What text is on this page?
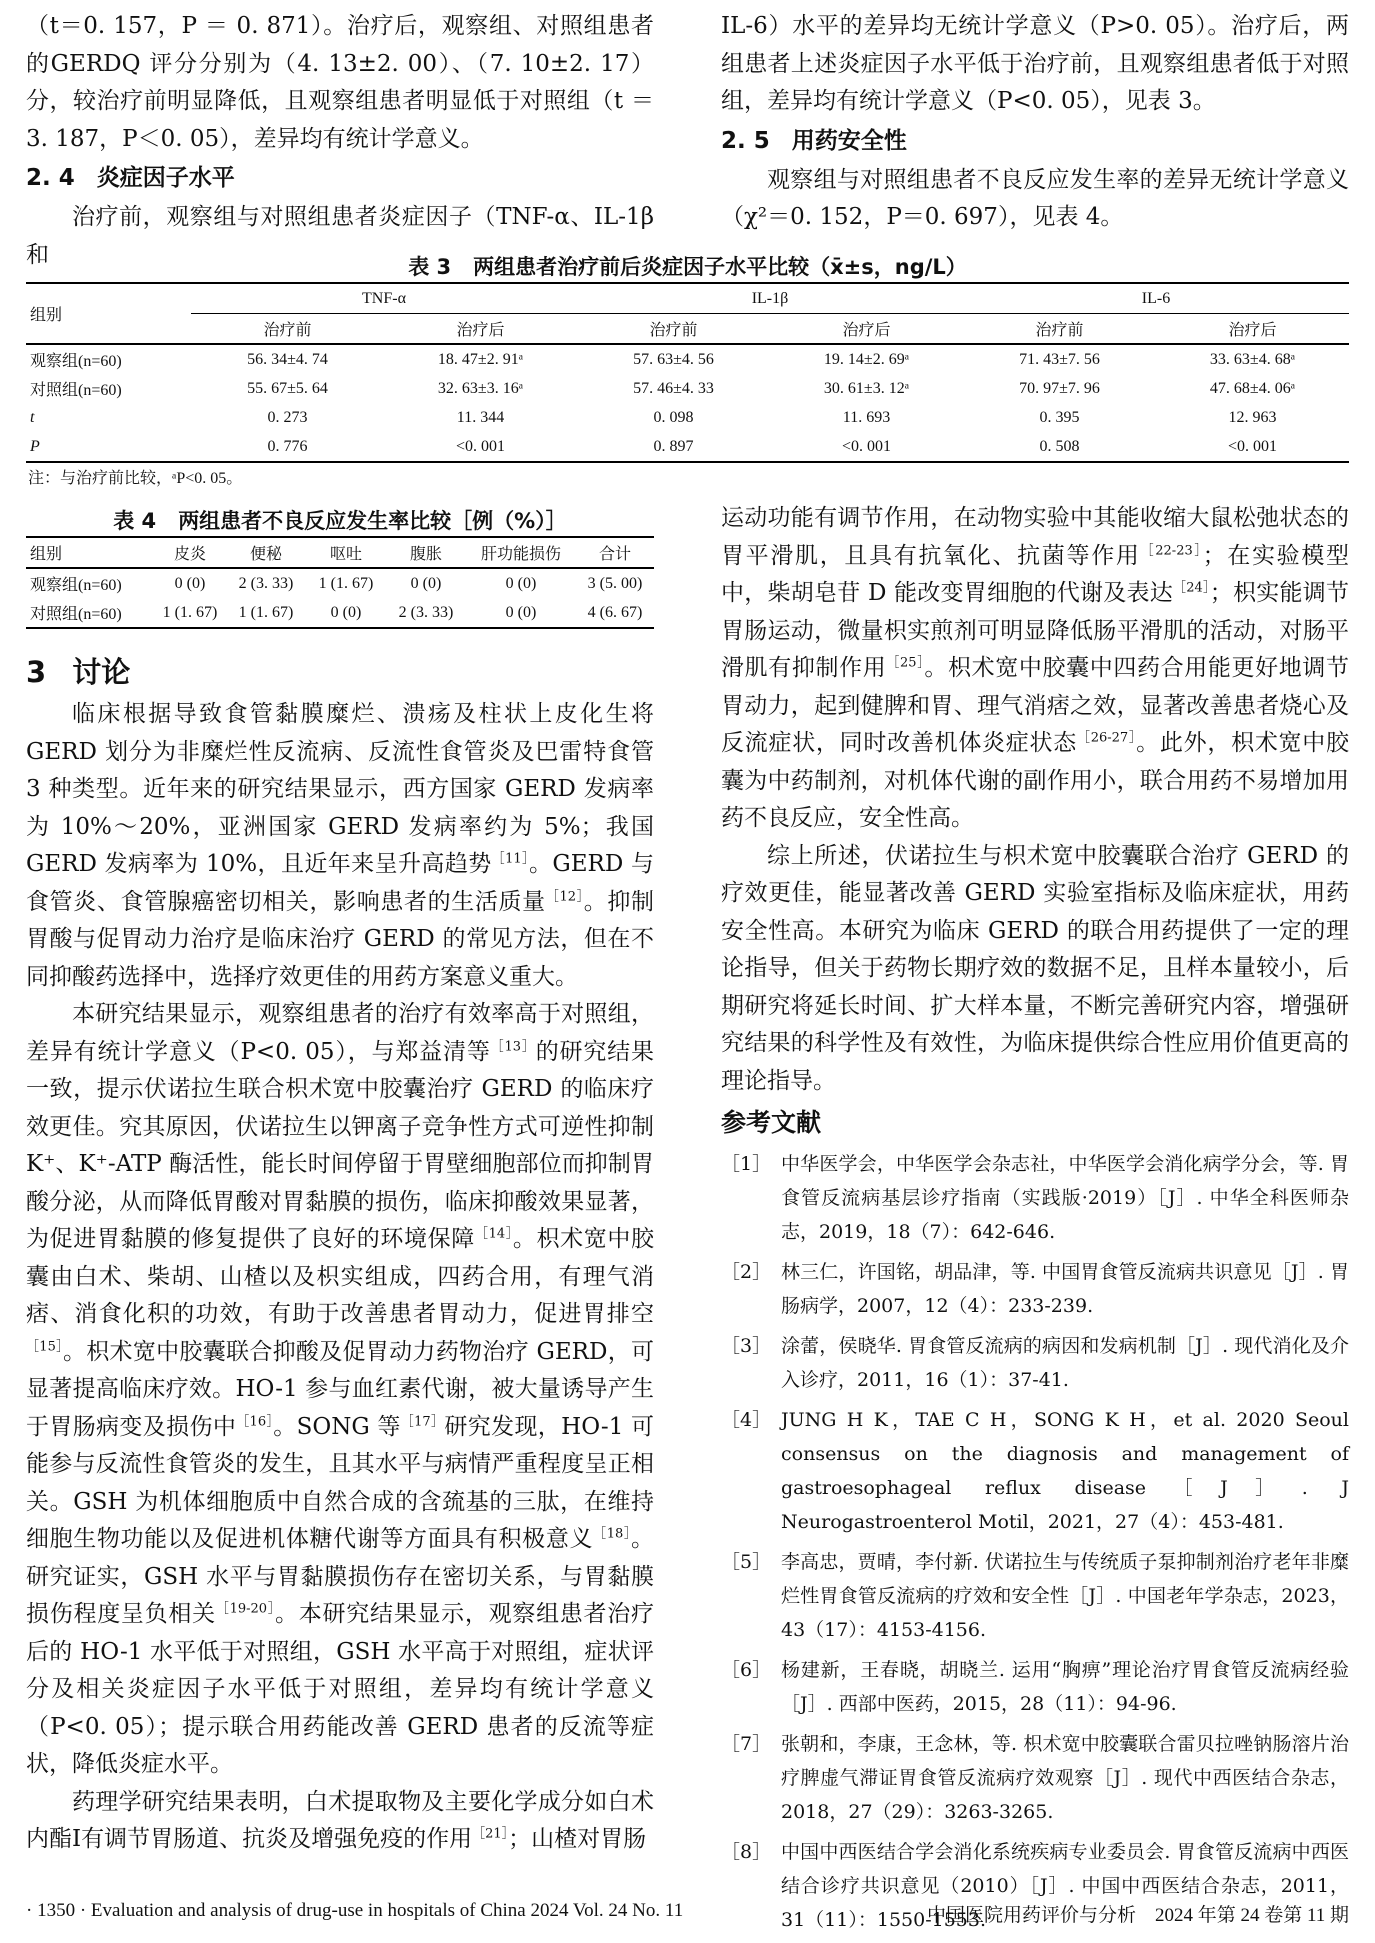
（t＝0. 157，P ＝ 0. 871）。治疗后，观察组、对照组患者的GERDQ 评分分别为（4. 13±2. 00）、（7. 10±2. 17）分，较治疗前明显降低，且观察组患者明显低于对照组（t ＝ 3. 187，P＜0. 05），差异均有统计学意义。

2. 4 炎症因子水平

治疗前，观察组与对照组患者炎症因子（TNF-α、IL-1β 和

IL-6）水平的差异均无统计学意义（P>0. 05）。治疗后，两组患者上述炎症因子水平低于治疗前，且观察组患者低于对照组，差异均有统计学意义（P<0. 05），见表 3。

2. 5 用药安全性

观察组与对照组患者不良反应发生率的差异无统计学意义（χ²＝0. 152，P＝0. 697），见表 4。

表 3 两组患者治疗前后炎症因子水平比较（x̄±s，ng/L）
组别	TNF-α		IL-1β		IL-6	
	治疗前	治疗后	治疗前	治疗后	治疗前	治疗后
观察组(n=60)	56. 34±4. 74	18. 47±2. 91ᵃ	57. 63±4. 56	19. 14±2. 69ᵃ	71. 43±7. 56	33. 63±4. 68ᵃ
对照组(n=60)	55. 67±5. 64	32. 63±3. 16ᵃ	57. 46±4. 33	30. 61±3. 12ᵃ	70. 97±7. 96	47. 68±4. 06ᵃ
t	0. 273	11. 344	0. 098	11. 693	0. 395	12. 963
P	0. 776	<0. 001	0. 897	<0. 001	0. 508	<0. 001
注：与治疗前比较，ᵃP<0. 05。
表 4 两组患者不良反应发生率比较［例（%）］
组别	皮炎	便秘	呕吐	腹胀	肝功能损伤	合计
观察组(n=60)	0 (0)	2 (3. 33)	1 (1. 67)	0 (0)	0 (0)	3 (5. 00)
对照组(n=60)	1 (1. 67)	1 (1. 67)	0 (0)	2 (3. 33)	0 (0)	4 (6. 67)
3 讨论

临床根据导致食管黏膜糜烂、溃疡及柱状上皮化生将 GERD 划分为非糜烂性反流病、反流性食管炎及巴雷特食管 3 种类型。近年来的研究结果显示，西方国家 GERD 发病率为 10%～20%，亚洲国家 GERD 发病率约为 5%；我国 GERD 发病率为 10%，且近年来呈升高趋势$^{[11]}$。GERD 与食管炎、食管腺癌密切相关，影响患者的生活质量$^{[12]}$。抑制胃酸与促胃动力治疗是临床治疗 GERD 的常见方法，但在不同抑酸药选择中，选择疗效更佳的用药方案意义重大。

本研究结果显示，观察组患者的治疗有效率高于对照组，差异有统计学意义（P<0. 05），与郑益清等$^{[13]}$的研究结果一致，提示伏诺拉生联合枳术宽中胶囊治疗 GERD 的临床疗效更佳。究其原因，伏诺拉生以钾离子竞争性方式可逆性抑制 K⁺、K⁺-ATP 酶活性，能长时间停留于胃壁细胞部位而抑制胃酸分泌，从而降低胃酸对胃黏膜的损伤，临床抑酸效果显著，为促进胃黏膜的修复提供了良好的环境保障$^{[14]}$。枳术宽中胶囊由白术、柴胡、山楂以及枳实组成，四药合用，有理气消痞、消食化积的功效，有助于改善患者胃动力，促进胃排空$^{[15]}$。枳术宽中胶囊联合抑酸及促胃动力药物治疗 GERD，可显著提高临床疗效。HO-1 参与血红素代谢，被大量诱导产生于胃肠病变及损伤中$^{[16]}$。SONG 等$^{[17]}$研究发现，HO-1 可能参与反流性食管炎的发生，且其水平与病情严重程度呈正相关。GSH 为机体细胞质中自然合成的含巯基的三肽，在维持细胞生物功能以及促进机体糖代谢等方面具有积极意义$^{[18]}$。研究证实，GSH 水平与胃黏膜损伤存在密切关系，与胃黏膜损伤程度呈负相关$^{[19-20]}$。本研究结果显示，观察组患者治疗后的 HO-1 水平低于对照组，GSH 水平高于对照组，症状评分及相关炎症因子水平低于对照组，差异均有统计学意义（P<0. 05）；提示联合用药能改善 GERD 患者的反流等症状，降低炎症水平。

药理学研究结果表明，白术提取物及主要化学成分如白术内酯Ⅰ有调节胃肠道、抗炎及增强免疫的作用$^{[21]}$；山楂对胃肠

运动功能有调节作用，在动物实验中其能收缩大鼠松弛状态的胃平滑肌，且具有抗氧化、抗菌等作用$^{[22-23]}$；在实验模型中，柴胡皂苷 D 能改变胃细胞的代谢及表达$^{[24]}$；枳实能调节胃肠运动，微量枳实煎剂可明显降低肠平滑肌的活动，对肠平滑肌有抑制作用$^{[25]}$。枳术宽中胶囊中四药合用能更好地调节胃动力，起到健脾和胃、理气消痞之效，显著改善患者烧心及反流症状，同时改善机体炎症状态$^{[26-27]}$。此外，枳术宽中胶囊为中药制剂，对机体代谢的副作用小，联合用药不易增加用药不良反应，安全性高。

综上所述，伏诺拉生与枳术宽中胶囊联合治疗 GERD 的疗效更佳，能显著改善 GERD 实验室指标及临床症状，用药安全性高。本研究为临床 GERD 的联合用药提供了一定的理论指导，但关于药物长期疗效的数据不足，且样本量较小，后期研究将延长时间、扩大样本量，不断完善研究内容，增强研究结果的科学性及有效性，为临床提供综合性应用价值更高的理论指导。

参考文献
［1］ 中华医学会，中华医学会杂志社，中华医学会消化病学分会，等. 胃食管反流病基层诊疗指南（实践版·2019）［J］. 中华全科医师杂志，2019，18（7）：642-646.
［2］ 林三仁，许国铭，胡品津，等. 中国胃食管反流病共识意见［J］. 胃肠病学，2007，12（4）：233-239.
［3］ 涂蕾，侯晓华. 胃食管反流病的病因和发病机制［J］. 现代消化及介入诊疗，2011，16（1）：37-41.
［4］ JUNG H K，TAE C H，SONG K H，et al. 2020 Seoul consensus on the diagnosis and management of gastroesophageal reflux disease［J］. J Neurogastroenterol Motil，2021，27（4）：453-481.
［5］ 李高忠，贾晴，李付新. 伏诺拉生与传统质子泵抑制剂治疗老年非糜烂性胃食管反流病的疗效和安全性［J］. 中国老年学杂志，2023，43（17）：4153-4156.
［6］ 杨建新，王春晓，胡晓兰. 运用“胸痹”理论治疗胃食管反流病经验［J］. 西部中医药，2015，28（11）：94-96.
［7］ 张朝和，李康，王念林，等. 枳术宽中胶囊联合雷贝拉唑钠肠溶片治疗脾虚气滞证胃食管反流病疗效观察［J］. 现代中西医结合杂志，2018，27（29）：3263-3265.
［8］ 中国中西医结合学会消化系统疾病专业委员会. 胃食管反流病中西医结合诊疗共识意见（2010）［J］. 中国中西医结合杂志，2011，31（11）：1550-1553.
· 1350 · Evaluation and analysis of drug-use in hospitals of China 2024 Vol. 24 No. 11	中国医院用药评价与分析　2024 年第 24 卷第 11 期
